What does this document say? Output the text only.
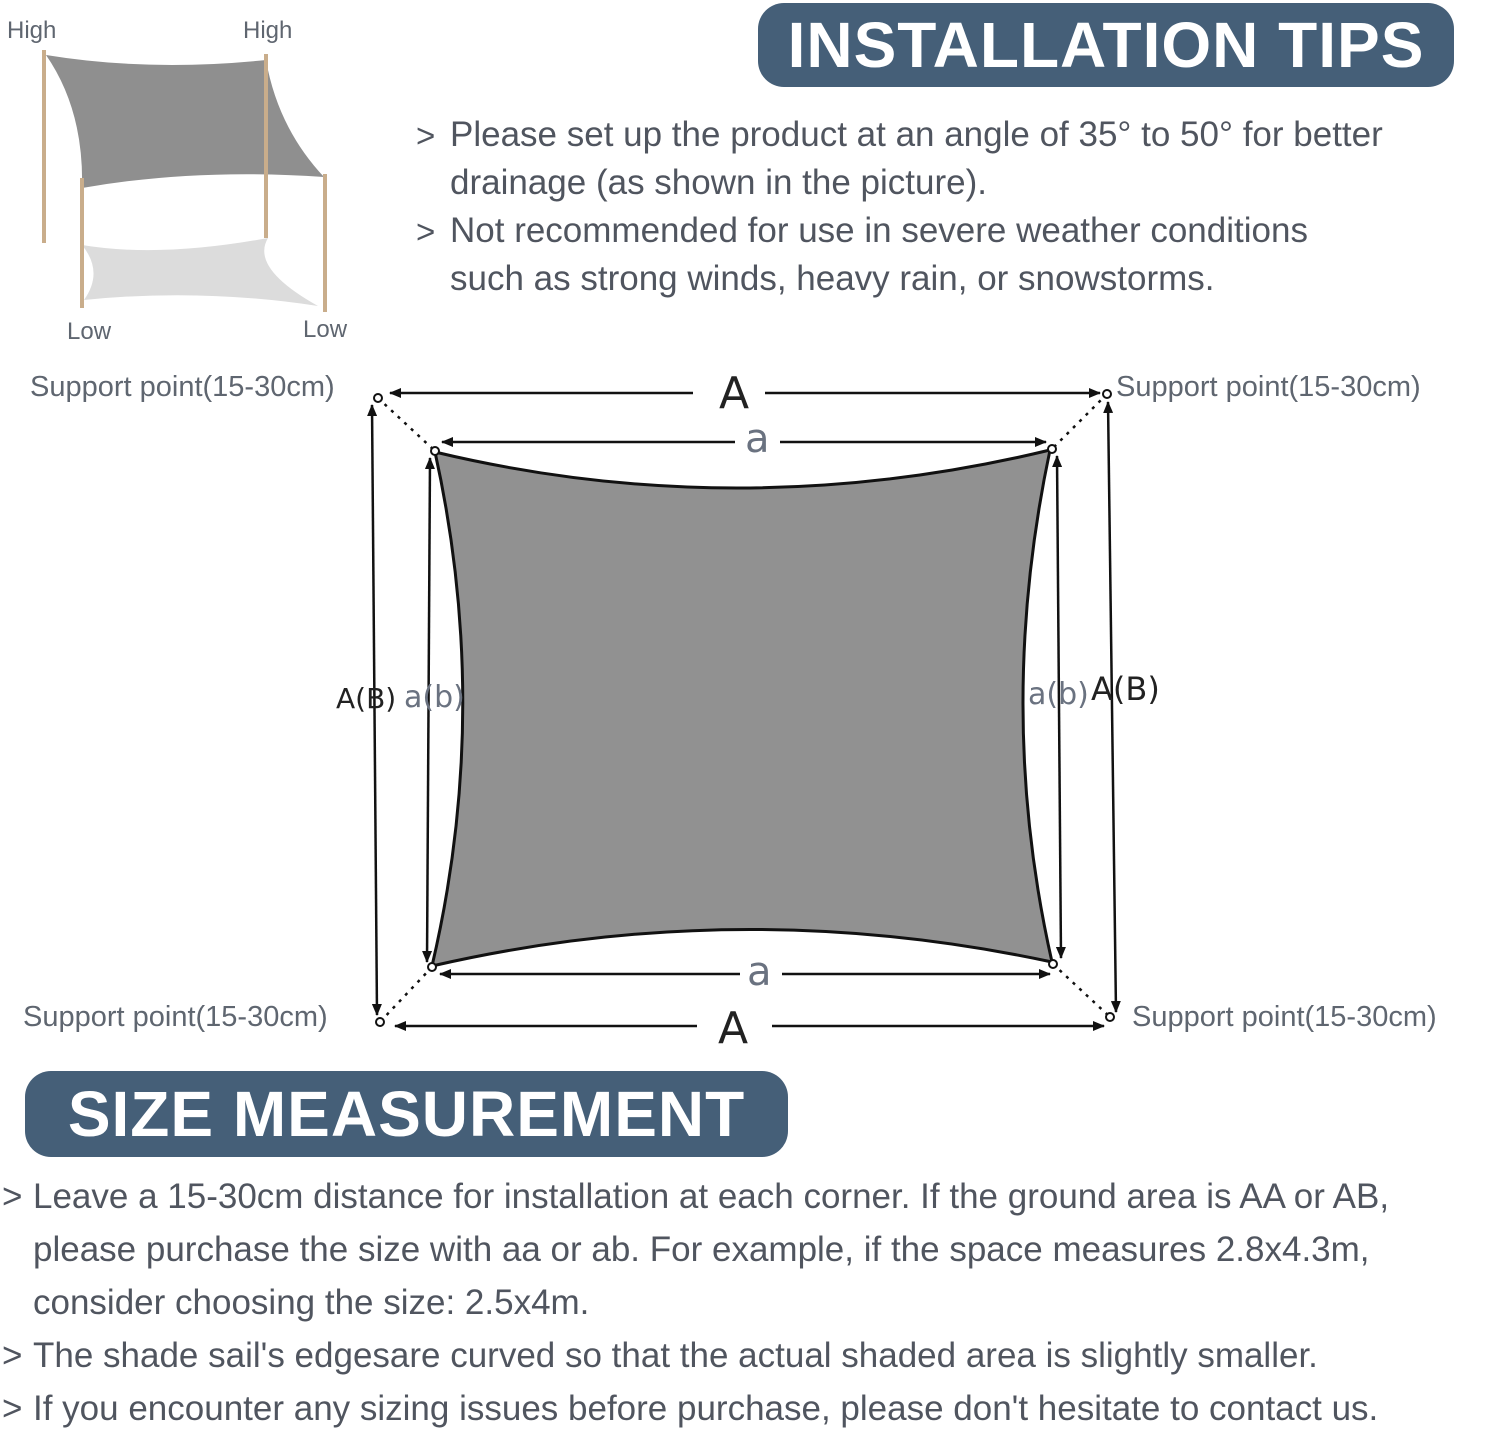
INSTALLATION TIPS
> Please set up the product at an angle of 35° to 50° for better
drainage (as shown in the picture).
> Not recommended for use in severe weather conditions
such as strong winds, heavy rain, or snowstorms.
High	High
Low	Low
Support point(15-30cm)	Support point(15-30cm)
Support point(15-30cm)	Support point(15-30cm)
A
a
a
A
A(B) a(b)	a(b) A(B)
SIZE MEASUREMENT
> Leave a 15-30cm distance for installation at each corner. If the ground area is AA or AB,
please purchase the size with aa or ab. For example, if the space measures 2.8x4.3m,
consider choosing the size: 2.5x4m.
> The shade sail's edgesare curved so that the actual shaded area is slightly smaller.
> If you encounter any sizing issues before purchase, please don't hesitate to contact us.
